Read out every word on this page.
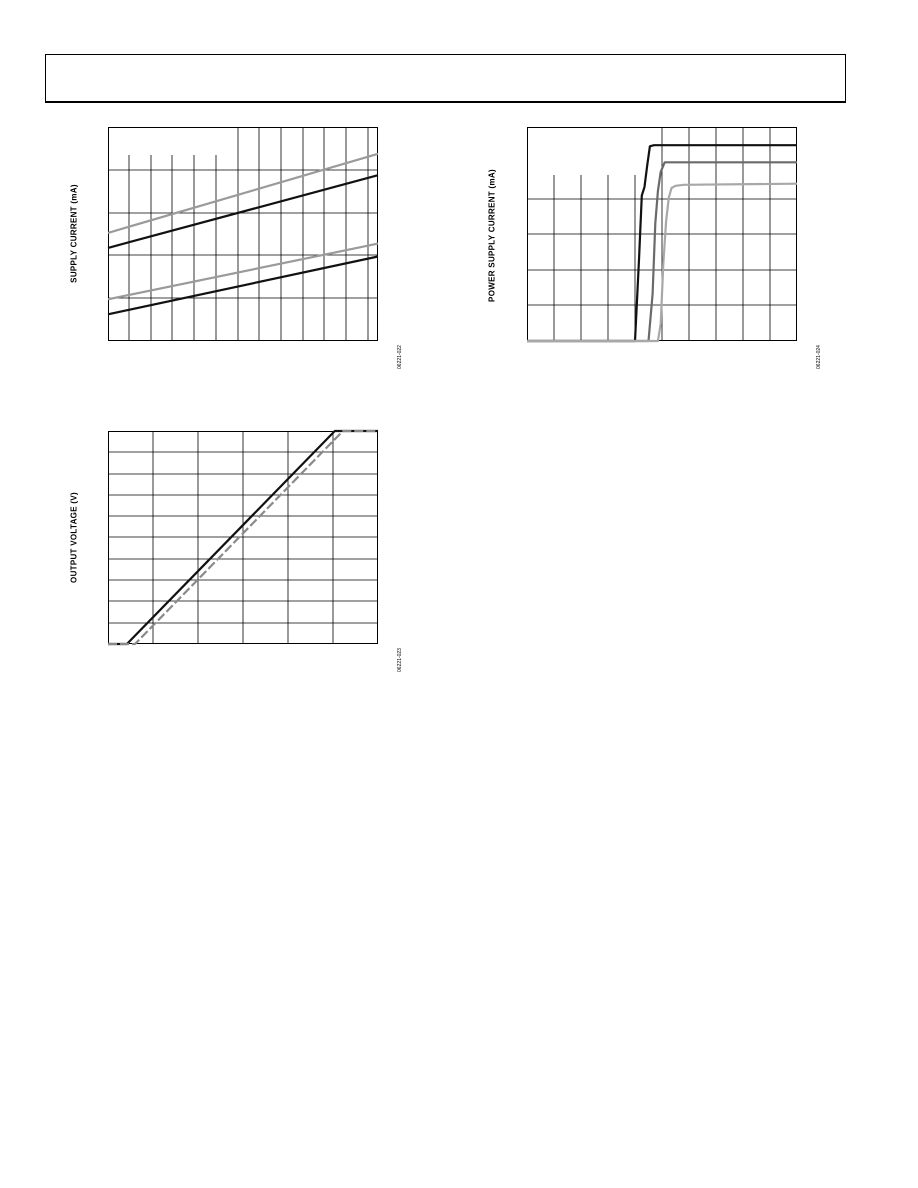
SUPPLY CURRENT (mA)
06221-022
POWER SUPPLY CURRENT (mA)
06221-024
OUTPUT VOLTAGE (V)
06221-023
